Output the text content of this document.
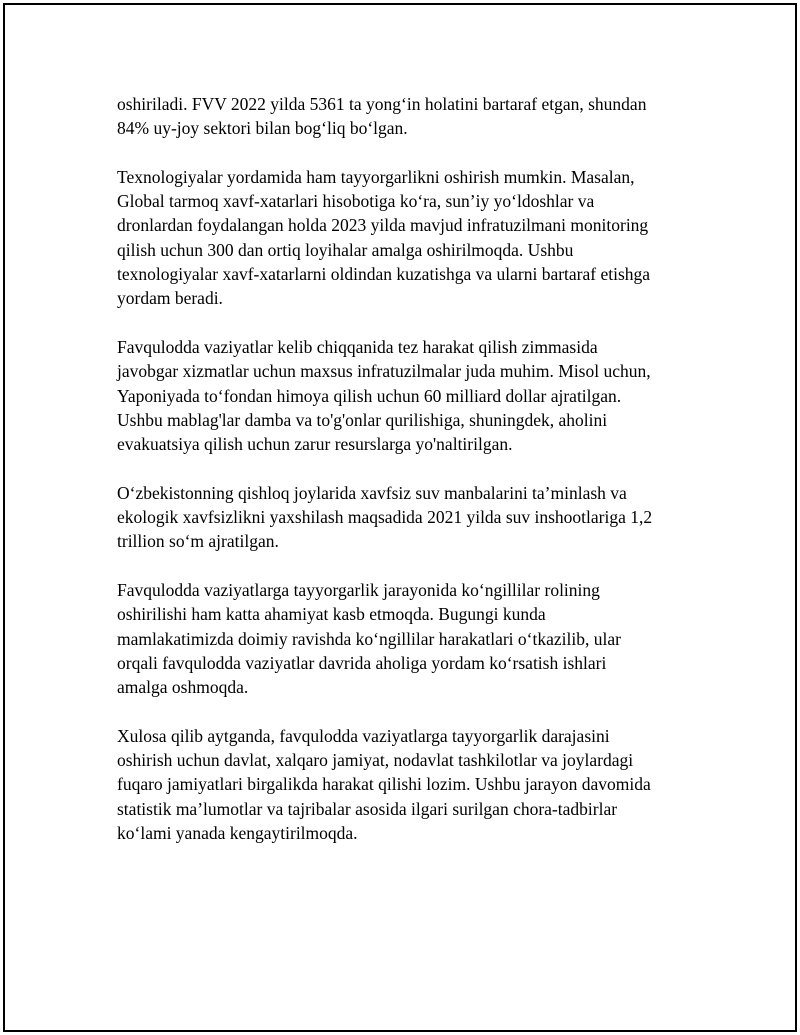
oshiriladi. FVV 2022 yilda 5361 ta yong‘in holatini bartaraf etgan, shundan
84% uy-joy sektori bilan bog‘liq bo‘lgan.

Texnologiyalar yordamida ham tayyorgarlikni oshirish mumkin. Masalan,
Global tarmoq xavf-xatarlari hisobotiga ko‘ra, sun’iy yo‘ldoshlar va
dronlardan foydalangan holda 2023 yilda mavjud infratuzilmani monitoring
qilish uchun 300 dan ortiq loyihalar amalga oshirilmoqda. Ushbu
texnologiyalar xavf-xatarlarni oldindan kuzatishga va ularni bartaraf etishga
yordam beradi.

Favqulodda vaziyatlar kelib chiqqanida tez harakat qilish zimmasida
javobgar xizmatlar uchun maxsus infratuzilmalar juda muhim. Misol uchun,
Yaponiyada to‘fondan himoya qilish uchun 60 milliard dollar ajratilgan.
Ushbu mablag'lar damba va to'g'onlar qurilishiga, shuningdek, aholini
evakuatsiya qilish uchun zarur resurslarga yo'naltirilgan.

O‘zbekistonning qishloq joylarida xavfsiz suv manbalarini ta’minlash va
ekologik xavfsizlikni yaxshilash maqsadida 2021 yilda suv inshootlariga 1,2
trillion so‘m ajratilgan.

Favqulodda vaziyatlarga tayyorgarlik jarayonida ko‘ngillilar rolining
oshirilishi ham katta ahamiyat kasb etmoqda. Bugungi kunda
mamlakatimizda doimiy ravishda ko‘ngillilar harakatlari o‘tkazilib, ular
orqali favqulodda vaziyatlar davrida aholiga yordam ko‘rsatish ishlari
amalga oshmoqda.

Xulosa qilib aytganda, favqulodda vaziyatlarga tayyorgarlik darajasini
oshirish uchun davlat, xalqaro jamiyat, nodavlat tashkilotlar va joylardagi
fuqaro jamiyatlari birgalikda harakat qilishi lozim. Ushbu jarayon davomida
statistik ma’lumotlar va tajribalar asosida ilgari surilgan chora-tadbirlar
ko‘lami yanada kengaytirilmoqda.
